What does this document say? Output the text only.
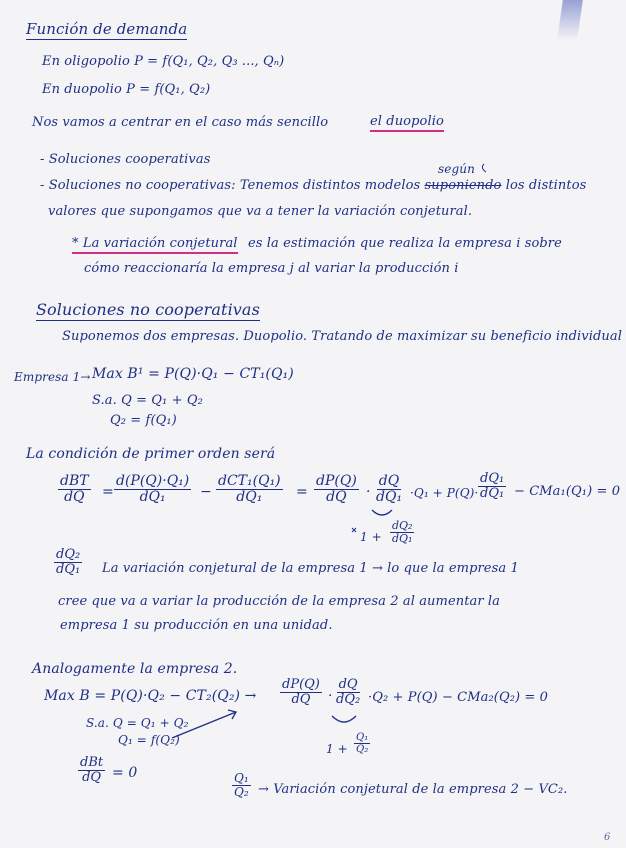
Función de demanda
En oligopolio P = f(Q₁, Q₂, Q₃ ..., Qₙ)
En duopolio P = f(Q₁, Q₂)
Nos vamos a centrar en el caso más sencillo	el duopolio
- Soluciones cooperativas
según
- Soluciones no cooperativas: Tenemos distintos modelos suponiendo los distintos
valores que supongamos que va a tener la variación conjetural.
* La variación conjetural es la estimación que realiza la empresa i sobre
cómo reaccionaría la empresa j al variar la producción i
Soluciones no cooperativas
Suponemos dos empresas. Duopolio. Tratando de maximizar su beneficio individual
Empresa 1→ Max B¹ = P(Q)·Q₁ − CT₁(Q₁)
S.a. Q = Q₁ + Q₂
Q₂ = f(Q₁)
La condición de primer orden será
dBT
dQ = $\frac{\text{d(P(Q)·Q₁)}}{\text{dQ₁}}$ −
dCT₁(Q₁)
$dQ_1 = \frac{dP(Q)}{dQ} \cdot \frac{dQ}{\text{dQ₁}} \cdot Q_1 + P(Q)\cdot \frac{\text{dQ₁}}{\text{dQ₁}} - CMa_1(Q_1) = 0$
$1 + \frac{\text{dQ₂}}{\text{dQ₁}}$
$\frac{\text{dQ₂}}{\text{dQ₁}}$ La variación conjetural de la empresa 1 → lo que la empresa 1
cree que va a variar la producción de la empresa 2 al aumentar la
empresa 1 su producción en una unidad.
Analogamente la empresa 2.
Max $B = P(Q)\cdot Q_2 - CT_2(Q_2) \to \frac{dP(Q)}{dQ} \cdot \frac{dQ}{\text{dQ₂}} \cdot Q_2 + P(Q) - CMa_2(Q_2) = 0$
S.a. Q = Q₁ + Q₂
Q₁ = f(Q₂)
$1 + \frac{\text{Q₁}}{\text{Q₂}}$
dBt
dQ = 0	$\frac{\text{Q₁}}{\text{Q₂}}$ → Variación conjetural de la empresa 2 − VC₂.
6
